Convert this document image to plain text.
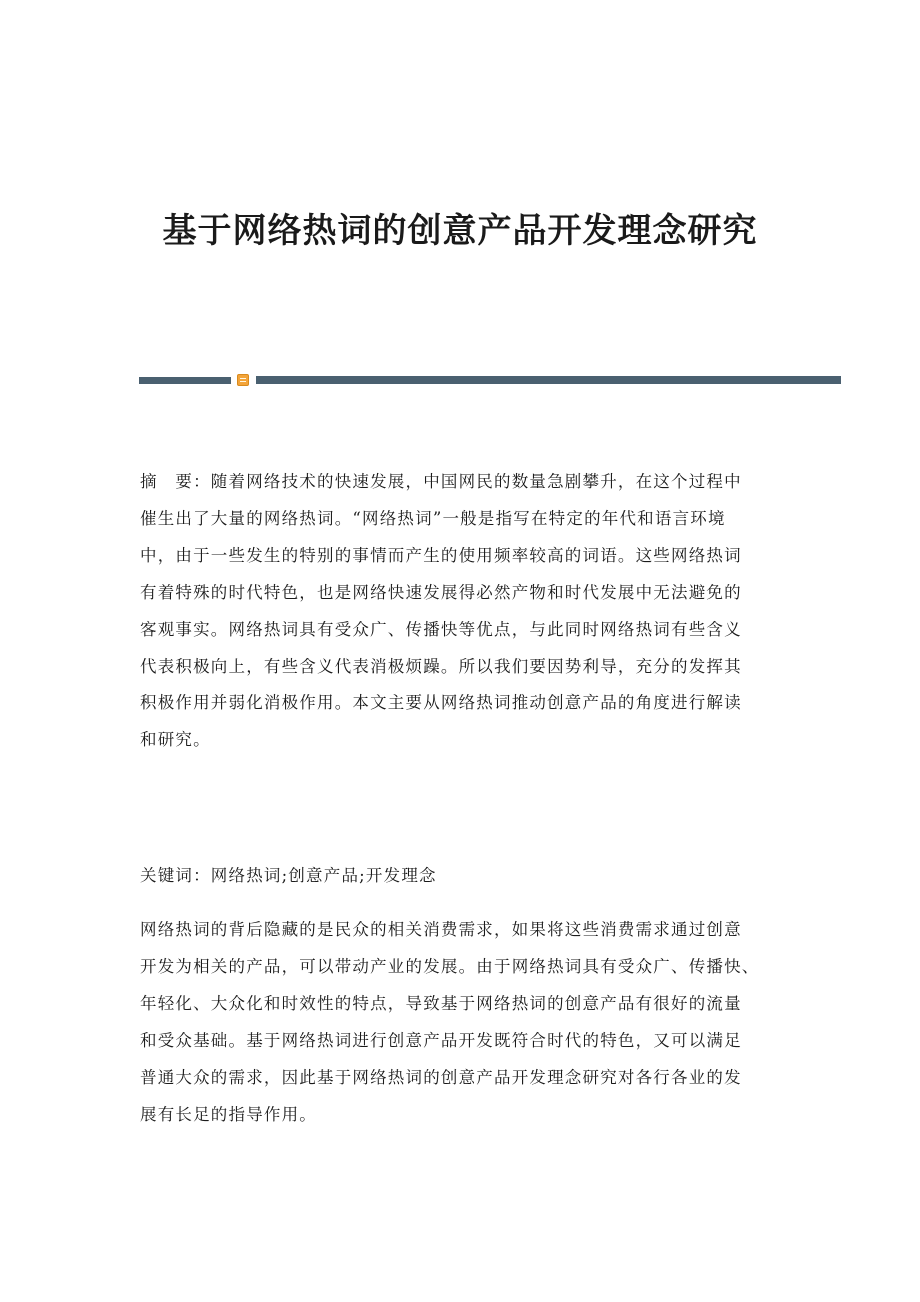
基于网络热词的创意产品开发理念研究
摘　要：随着网络技术的快速发展，中国网民的数量急剧攀升，在这个过程中
催生出了大量的网络热词。“网络热词”一般是指写在特定的年代和语言环境
中，由于一些发生的特别的事情而产生的使用频率较高的词语。这些网络热词
有着特殊的时代特色，也是网络快速发展得必然产物和时代发展中无法避免的
客观事实。网络热词具有受众广、传播快等优点，与此同时网络热词有些含义
代表积极向上，有些含义代表消极烦躁。所以我们要因势利导，充分的发挥其
积极作用并弱化消极作用。本文主要从网络热词推动创意产品的角度进行解读
和研究。
关键词：网络热词;创意产品;开发理念
网络热词的背后隐藏的是民众的相关消费需求，如果将这些消费需求通过创意
开发为相关的产品，可以带动产业的发展。由于网络热词具有受众广、传播快、
年轻化、大众化和时效性的特点，导致基于网络热词的创意产品有很好的流量
和受众基础。基于网络热词进行创意产品开发既符合时代的特色，又可以满足
普通大众的需求，因此基于网络热词的创意产品开发理念研究对各行各业的发
展有长足的指导作用。
